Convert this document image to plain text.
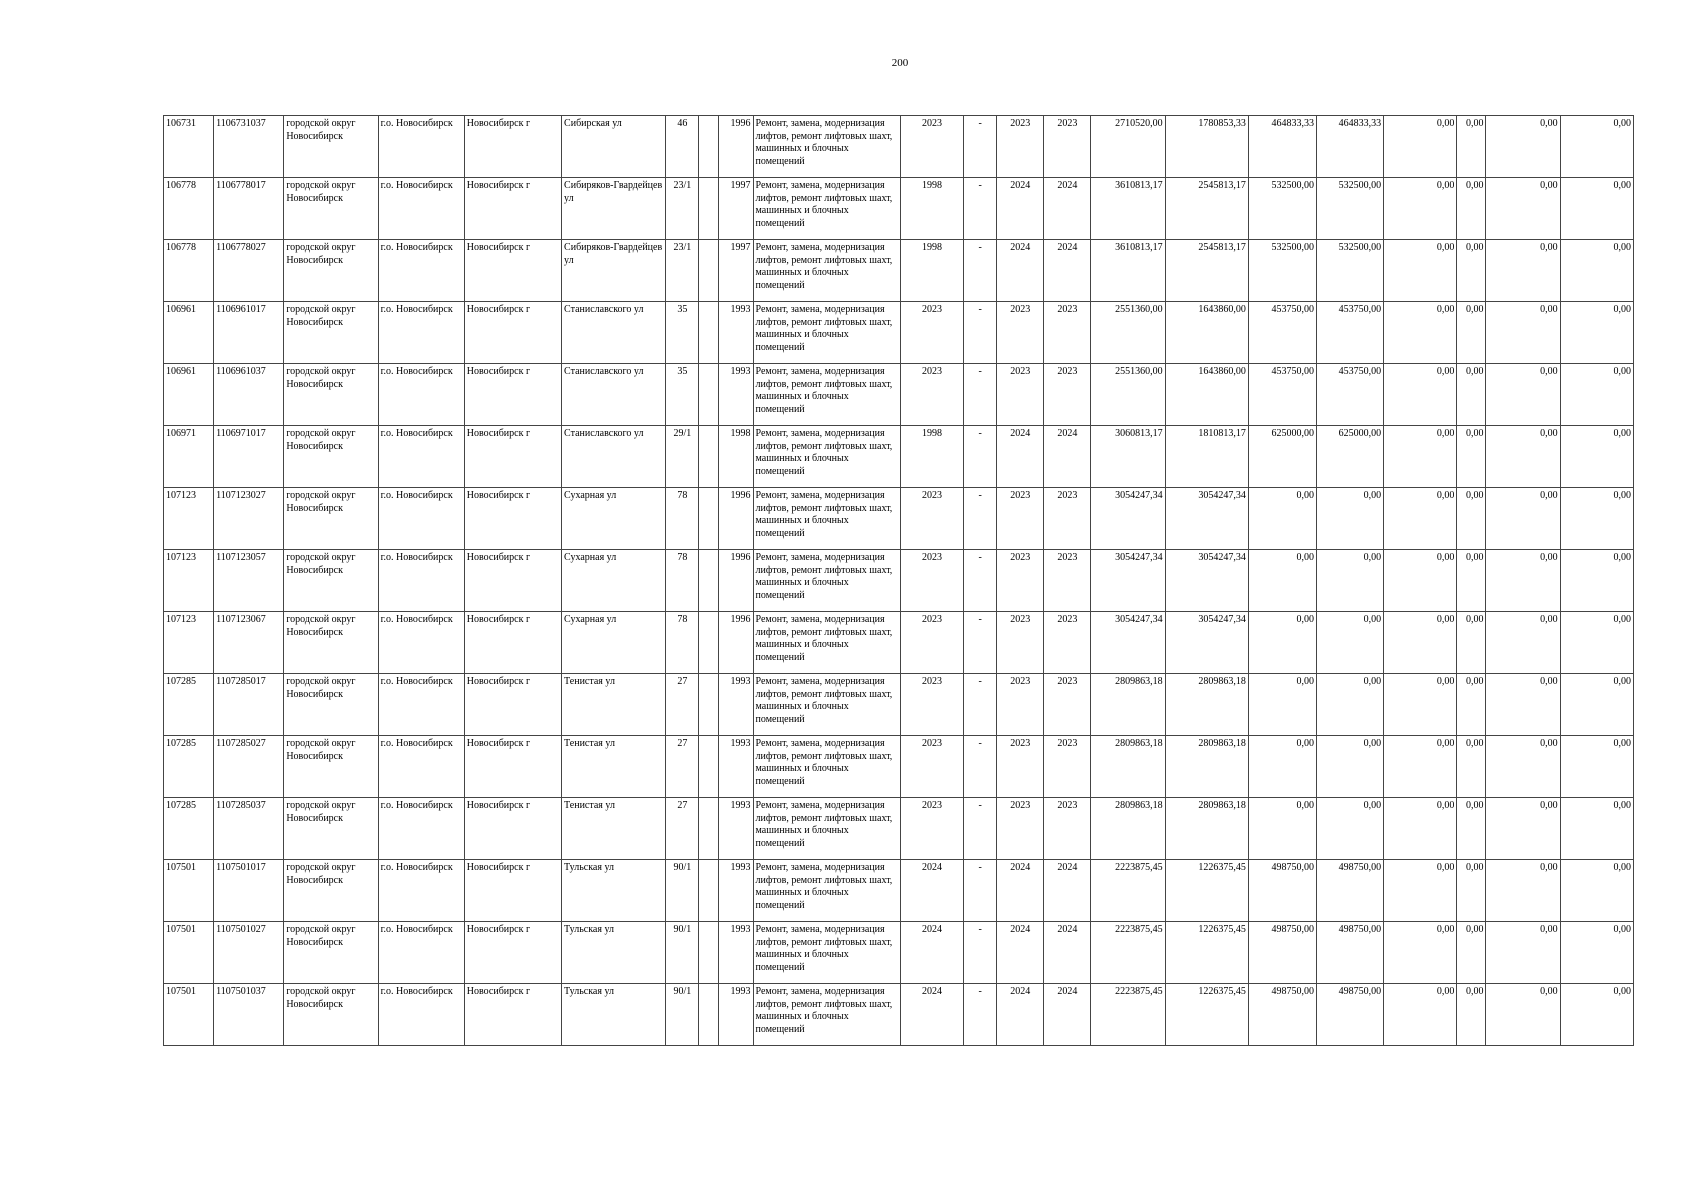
200
106731	1106731037	городской округ Новосибирск	г.о. Новосибирск	Новосибирск г	Сибирская ул	46		1996	Ремонт, замена, модернизация лифтов, ремонт лифтовых шахт, машинных и блочных помещений	2023	-	2023	2023	2710520,00	1780853,33	464833,33	464833,33	0,00	0,00	0,00	0,00
106778	1106778017	городской округ Новосибирск	г.о. Новосибирск	Новосибирск г	Сибиряков-Гвардейцев ул	23/1		1997	Ремонт, замена, модернизация лифтов, ремонт лифтовых шахт, машинных и блочных помещений	1998	-	2024	2024	3610813,17	2545813,17	532500,00	532500,00	0,00	0,00	0,00	0,00
106778	1106778027	городской округ Новосибирск	г.о. Новосибирск	Новосибирск г	Сибиряков-Гвардейцев ул	23/1		1997	Ремонт, замена, модернизация лифтов, ремонт лифтовых шахт, машинных и блочных помещений	1998	-	2024	2024	3610813,17	2545813,17	532500,00	532500,00	0,00	0,00	0,00	0,00
106961	1106961017	городской округ Новосибирск	г.о. Новосибирск	Новосибирск г	Станиславского ул	35		1993	Ремонт, замена, модернизация лифтов, ремонт лифтовых шахт, машинных и блочных помещений	2023	-	2023	2023	2551360,00	1643860,00	453750,00	453750,00	0,00	0,00	0,00	0,00
106961	1106961037	городской округ Новосибирск	г.о. Новосибирск	Новосибирск г	Станиславского ул	35		1993	Ремонт, замена, модернизация лифтов, ремонт лифтовых шахт, машинных и блочных помещений	2023	-	2023	2023	2551360,00	1643860,00	453750,00	453750,00	0,00	0,00	0,00	0,00
106971	1106971017	городской округ Новосибирск	г.о. Новосибирск	Новосибирск г	Станиславского ул	29/1		1998	Ремонт, замена, модернизация лифтов, ремонт лифтовых шахт, машинных и блочных помещений	1998	-	2024	2024	3060813,17	1810813,17	625000,00	625000,00	0,00	0,00	0,00	0,00
107123	1107123027	городской округ Новосибирск	г.о. Новосибирск	Новосибирск г	Сухарная ул	78		1996	Ремонт, замена, модернизация лифтов, ремонт лифтовых шахт, машинных и блочных помещений	2023	-	2023	2023	3054247,34	3054247,34	0,00	0,00	0,00	0,00	0,00	0,00
107123	1107123057	городской округ Новосибирск	г.о. Новосибирск	Новосибирск г	Сухарная ул	78		1996	Ремонт, замена, модернизация лифтов, ремонт лифтовых шахт, машинных и блочных помещений	2023	-	2023	2023	3054247,34	3054247,34	0,00	0,00	0,00	0,00	0,00	0,00
107123	1107123067	городской округ Новосибирск	г.о. Новосибирск	Новосибирск г	Сухарная ул	78		1996	Ремонт, замена, модернизация лифтов, ремонт лифтовых шахт, машинных и блочных помещений	2023	-	2023	2023	3054247,34	3054247,34	0,00	0,00	0,00	0,00	0,00	0,00
107285	1107285017	городской округ Новосибирск	г.о. Новосибирск	Новосибирск г	Тенистая ул	27		1993	Ремонт, замена, модернизация лифтов, ремонт лифтовых шахт, машинных и блочных помещений	2023	-	2023	2023	2809863,18	2809863,18	0,00	0,00	0,00	0,00	0,00	0,00
107285	1107285027	городской округ Новосибирск	г.о. Новосибирск	Новосибирск г	Тенистая ул	27		1993	Ремонт, замена, модернизация лифтов, ремонт лифтовых шахт, машинных и блочных помещений	2023	-	2023	2023	2809863,18	2809863,18	0,00	0,00	0,00	0,00	0,00	0,00
107285	1107285037	городской округ Новосибирск	г.о. Новосибирск	Новосибирск г	Тенистая ул	27		1993	Ремонт, замена, модернизация лифтов, ремонт лифтовых шахт, машинных и блочных помещений	2023	-	2023	2023	2809863,18	2809863,18	0,00	0,00	0,00	0,00	0,00	0,00
107501	1107501017	городской округ Новосибирск	г.о. Новосибирск	Новосибирск г	Тульская ул	90/1		1993	Ремонт, замена, модернизация лифтов, ремонт лифтовых шахт, машинных и блочных помещений	2024	-	2024	2024	2223875,45	1226375,45	498750,00	498750,00	0,00	0,00	0,00	0,00
107501	1107501027	городской округ Новосибирск	г.о. Новосибирск	Новосибирск г	Тульская ул	90/1		1993	Ремонт, замена, модернизация лифтов, ремонт лифтовых шахт, машинных и блочных помещений	2024	-	2024	2024	2223875,45	1226375,45	498750,00	498750,00	0,00	0,00	0,00	0,00
107501	1107501037	городской округ Новосибирск	г.о. Новосибирск	Новосибирск г	Тульская ул	90/1		1993	Ремонт, замена, модернизация лифтов, ремонт лифтовых шахт, машинных и блочных помещений	2024	-	2024	2024	2223875,45	1226375,45	498750,00	498750,00	0,00	0,00	0,00	0,00
